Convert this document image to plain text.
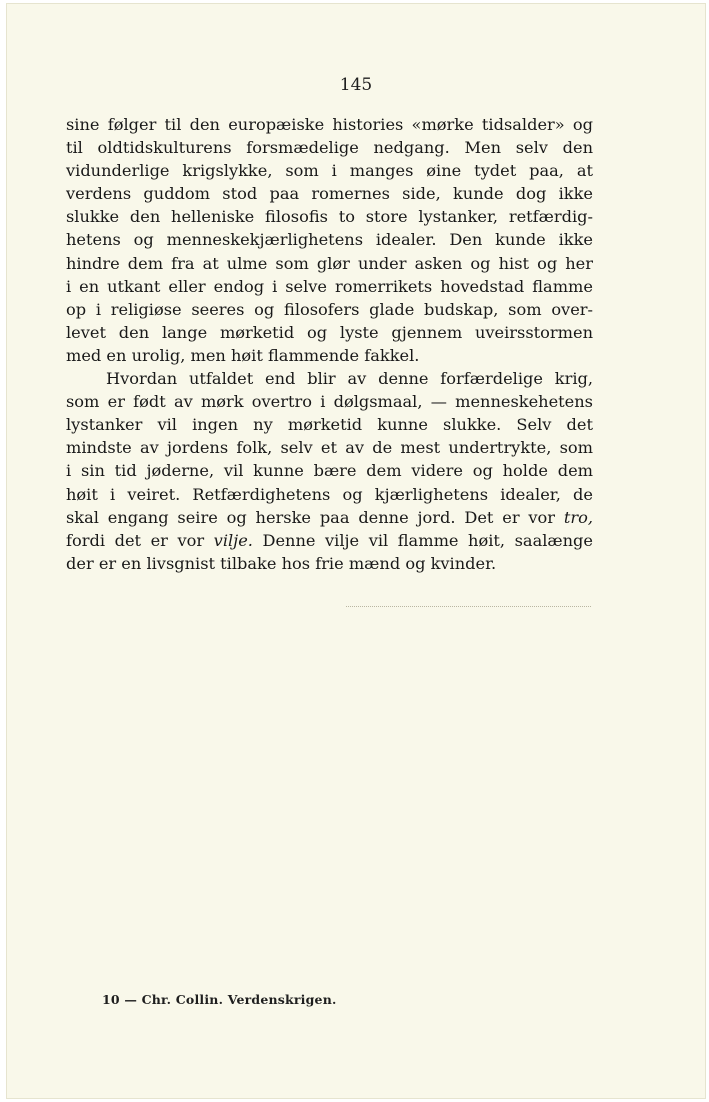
145
sine følger til den europæiske histories «mørke tidsalder» og
til oldtidskulturens forsmædelige nedgang. Men selv den
vidunderlige krigslykke, som i manges øine tydet paa, at
verdens guddom stod paa romernes side, kunde dog ikke
slukke den helleniske filosofis to store lystanker, retfærdig-
hetens og menneskekjærlighetens idealer. Den kunde ikke
hindre dem fra at ulme som glør under asken og hist og her
i en utkant eller endog i selve romerrikets hovedstad flamme
op i religiøse seeres og filosofers glade budskap, som over-
levet den lange mørketid og lyste gjennem uveirsstormen
med en urolig, men høit flammende fakkel.
Hvordan utfaldet end blir av denne forfærdelige krig,
som er født av mørk overtro i dølgsmaal, — menneskehetens
lystanker vil ingen ny mørketid kunne slukke. Selv det
mindste av jordens folk, selv et av de mest undertrykte, som
i sin tid jøderne, vil kunne bære dem videre og holde dem
høit i veiret. Retfærdighetens og kjærlighetens idealer, de
skal engang seire og herske paa denne jord. Det er vor tro,
fordi det er vor vilje. Denne vilje vil flamme høit, saalænge
der er en livsgnist tilbake hos frie mænd og kvinder.
10 — Chr. Collin. Verdenskrigen.
